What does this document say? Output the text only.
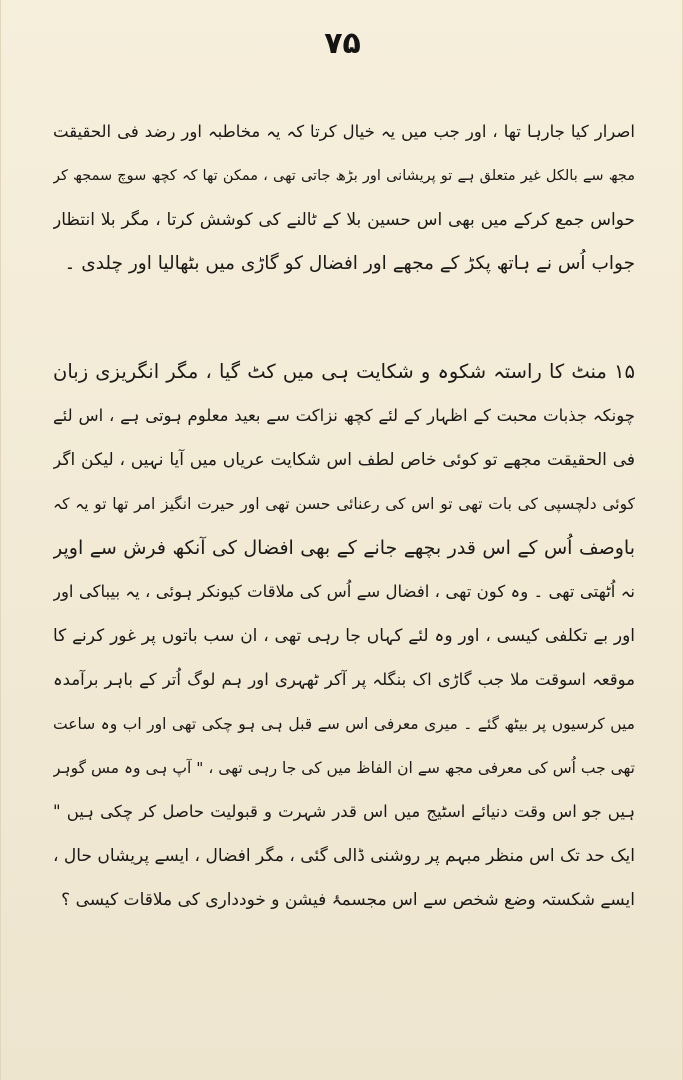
۷۵
اصرار کیا جارہا تھا ، اور جب میں یہ خیال کرتا کہ یہ مخاطبہ اور رضد فی الحقیقت
مجھ سے بالکل غیر متعلق ہے تو پریشانی اور بڑھ جاتی تھی ، ممکن تھا کہ کچھ سوچ سمجھ کر
حواس جمع کرکے میں بھی اس حسین بلا کے ٹالنے کی کوشش کرتا ، مگر بلا انتظار
جواب اُس نے ہاتھ پکڑ کے مجھے اور افضال کو گاڑی میں بٹھالیا اور چلدی ۔
۱۵ منٹ کا راستہ شکوہ و شکایت ہی میں کٹ گیا ، مگر انگریزی زبان
چونکہ جذبات محبت کے اظہار کے لئے کچھ نزاکت سے بعید معلوم ہوتی ہے ، اس لئے
فی الحقیقت مجھے تو کوئی خاص لطف اس شکایت عریاں میں آیا نہیں ، لیکن اگر
کوئی دلچسپی کی بات تھی تو اس کی رعنائی حسن تھی اور حیرت انگیز امر تھا تو یہ کہ
باوصف اُس کے اس قدر بچھے جانے کے بھی افضال کی آنکھ فرش سے اوپر
نہ اُٹھتی تھی ۔ وہ کون تھی ، افضال سے اُس کی ملاقات کیونکر ہوئی ، یہ بیباکی اور
اور بے تکلفی کیسی ، اور وہ لئے کہاں جا رہی تھی ، ان سب باتوں پر غور کرنے کا
موقعہ اسوقت ملا جب گاڑی اک بنگلہ پر آکر ٹھہری اور ہم لوگ اُتر کے باہر برآمدہ
میں کرسیوں پر بیٹھ گئے ۔ میری معرفی اس سے قبل ہی ہو چکی تھی اور اب وہ ساعت
تھی جب اُس کی معرفی مجھ سے ان الفاظ میں کی جا رہی تھی ، " آپ ہی وہ مس گوہر
ہیں جو اس وقت دنیائے اسٹیج میں اس قدر شہرت و قبولیت حاصل کر چکی ہیں "
ایک حد تک اس منظر مبہم پر روشنی ڈالی گئی ، مگر افضال ، ایسے پریشاں حال ،
ایسے شکستہ وضع شخص سے اس مجسمۂ فیشن و خودداری کی ملاقات کیسی ؟
